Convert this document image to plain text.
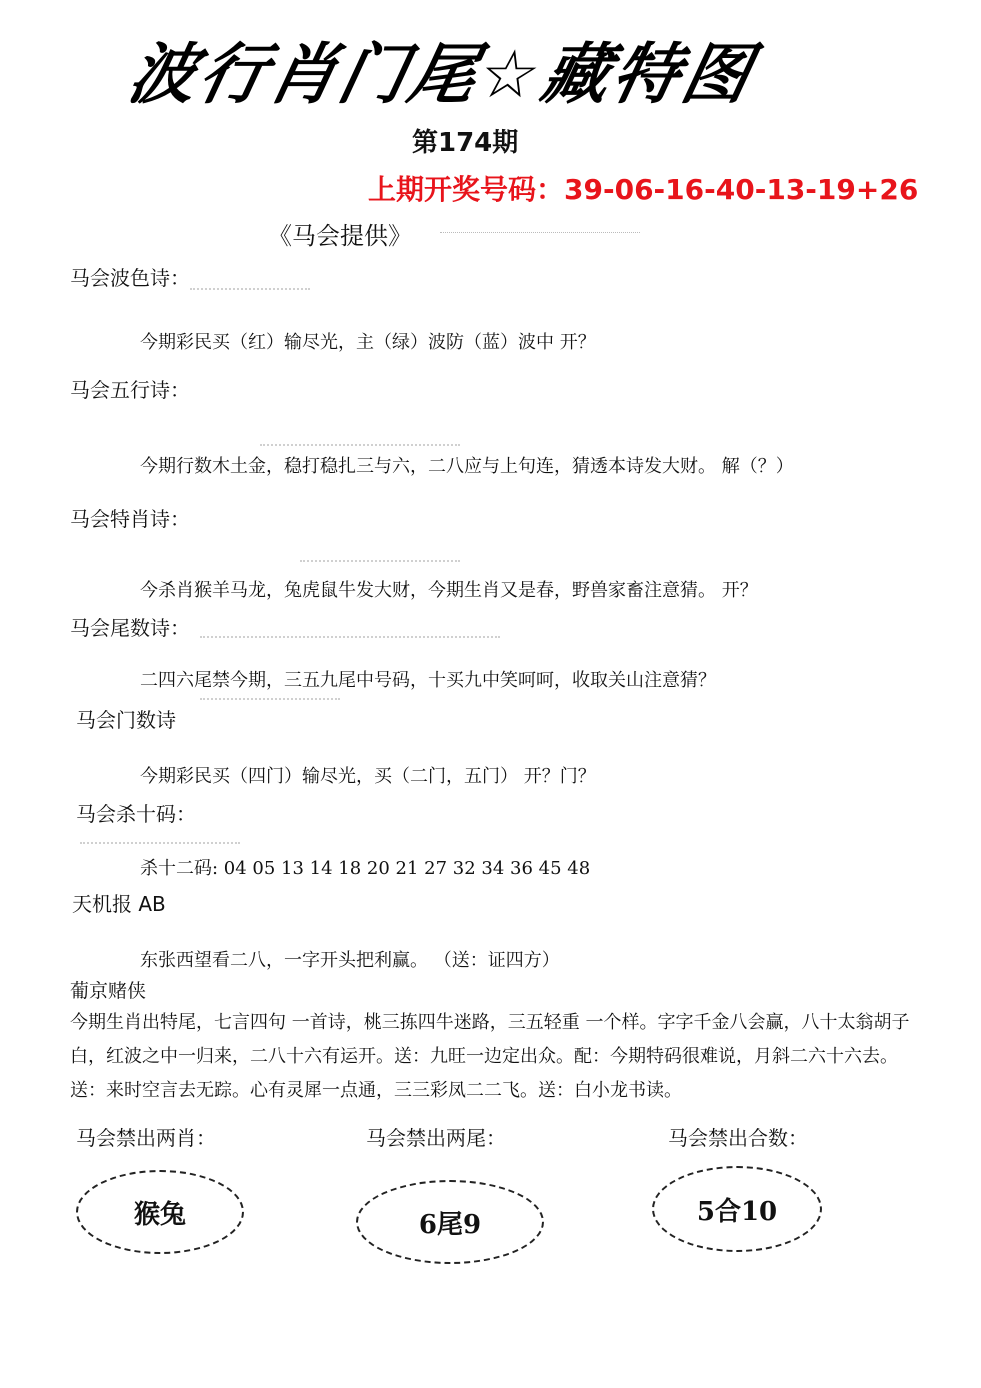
波行肖门尾☆藏特图
第174期
上期开奖号码：39-06-16-40-13-19+26
《马会提供》
马会波色诗：
今期彩民买（红）输尽光，主（绿）波防（蓝）波中 开？
马会五行诗：
今期行数木土金，稳打稳扎三与六，二八应与上句连，猜透本诗发大财。 解（？）
马会特肖诗：
今杀肖猴羊马龙，兔虎鼠牛发大财，今期生肖又是春，野兽家畜注意猜。 开？
马会尾数诗：
二四六尾禁今期，三五九尾中号码，十买九中笑呵呵，收取关山注意猜？
马会门数诗
今期彩民买（四门）输尽光，买（二门，五门） 开？门？
马会杀十码：
杀十二码: 04 05 13 14 18 20 21 27 32 34 36 45 48
天机报 AB
东张西望看二八，一字开头把利赢。 （送：证四方）
葡京赌侠
今期生肖出特尾，七言四句 一首诗，桃三拣四牛迷路，三五轻重 一个样。字字千金八会赢，八十太翁胡子白，红波之中一归来，二八十六有运开。送：九旺一边定出众。配：今期特码很难说，月斜二六十六去。送：来时空言去无踪。心有灵犀一点通，三三彩凤二二飞。送：白小龙书读。
马会禁出两肖：	马会禁出两尾：	马会禁出合数：
猴兔	6尾9	5合10
